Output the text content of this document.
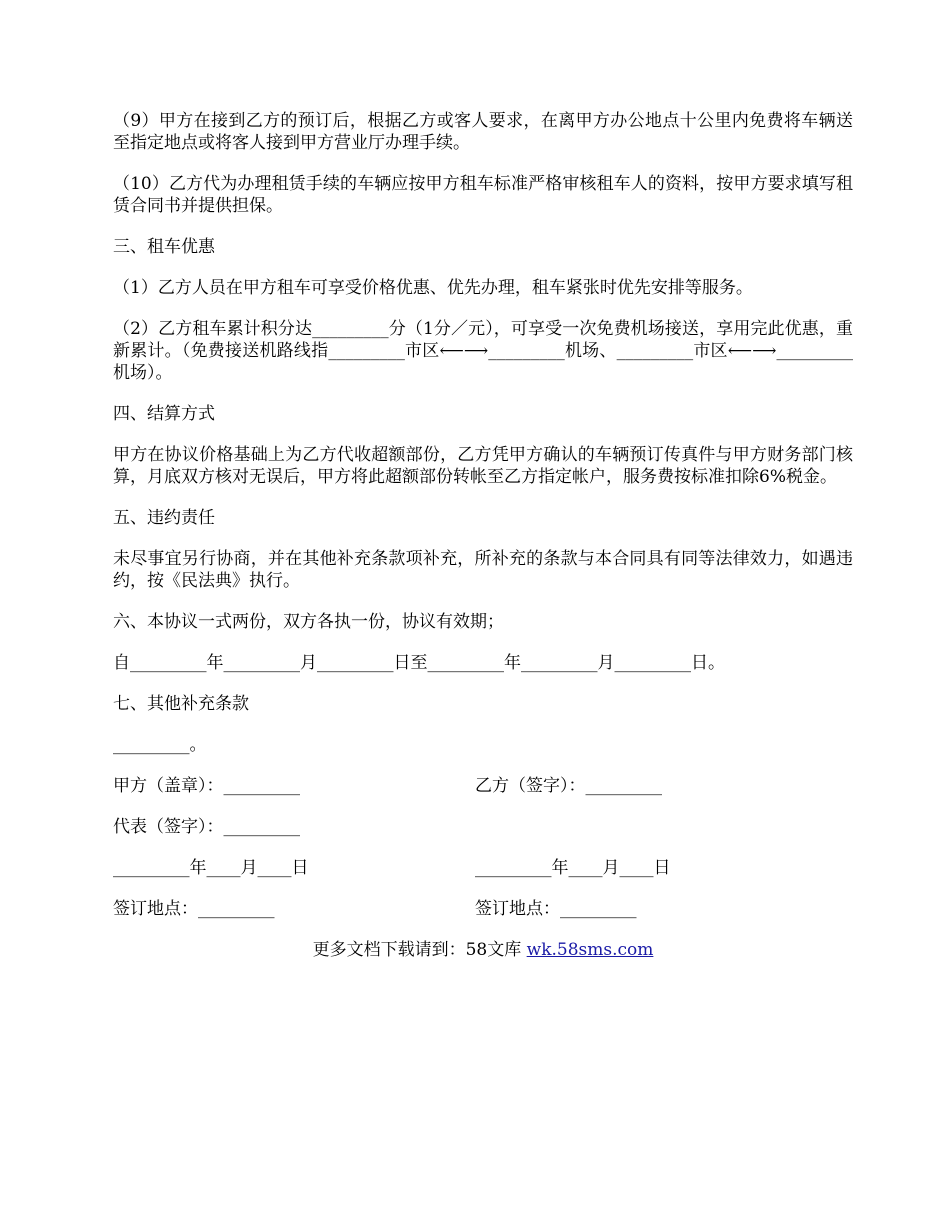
（9）甲方在接到乙方的预订后，根据乙方或客人要求，在离甲方办公地点十公里内免费将车辆送至指定地点或将客人接到甲方营业厅办理手续。

（10）乙方代为办理租赁手续的车辆应按甲方租车标准严格审核租车人的资料，按甲方要求填写租赁合同书并提供担保。

三、租车优惠

（1）乙方人员在甲方租车可享受价格优惠、优先办理，租车紧张时优先安排等服务。

（2）乙方租车累计积分达_________分（1分／元），可享受一次免费机场接送，享用完此优惠，重新累计。（免费接送机路线指_________市区⟵⟶_________机场、_________市区⟵⟶_________机场）。

四、结算方式

甲方在协议价格基础上为乙方代收超额部份，乙方凭甲方确认的车辆预订传真件与甲方财务部门核算，月底双方核对无误后，甲方将此超额部份转帐至乙方指定帐户，服务费按标准扣除6%税金。

五、违约责任

未尽事宜另行协商，并在其他补充条款项补充，所补充的条款与本合同具有同等法律效力，如遇违约，按《民法典》执行。

六、本协议一式两份，双方各执一份，协议有效期；

自_________年_________月_________日至_________年_________月_________日。

七、其他补充条款

_________。

甲方（盖章）：_________	乙方（签字）：_________
代表（签字）：_________
_________年____月____日	_________年____月____日
签订地点：_________	签订地点：_________
更多文档下载请到：58文库 wk.58sms.com
